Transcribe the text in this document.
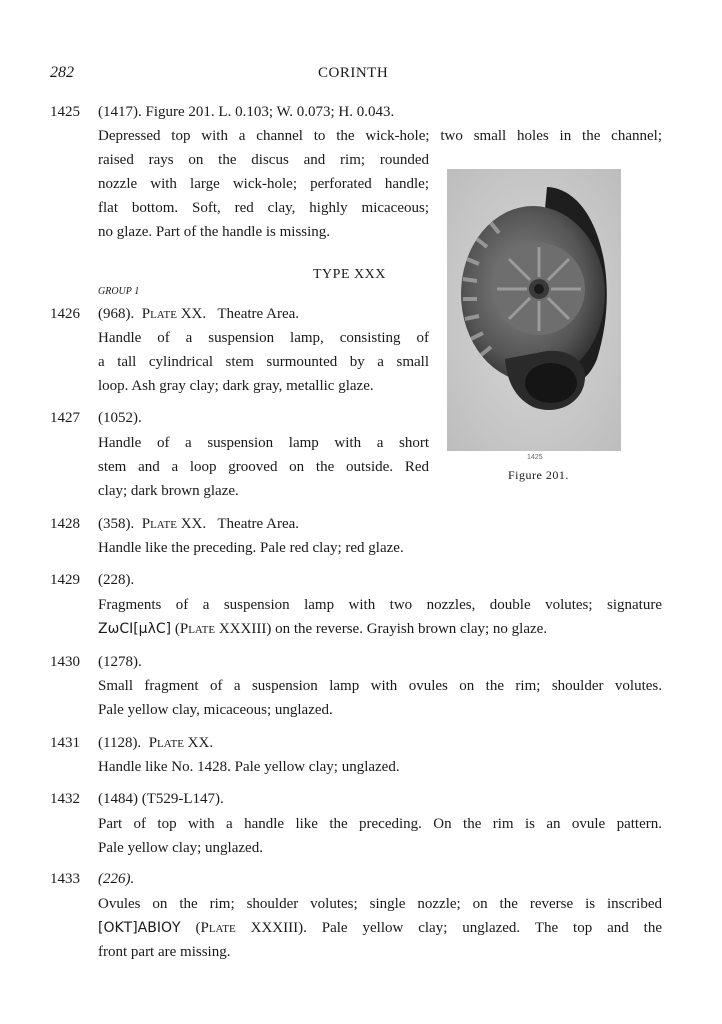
282	CORINTH
1425
Figure 201.
1425 (1417). Figure 201. L. 0.103; W. 0.073; H. 0.043.
Depressed top with a channel to the wick-hole; two small holes in the channel;
raised rays on the discus and rim; rounded
nozzle with large wick-hole; perforated handle;
flat bottom. Soft, red clay, highly micaceous;
no glaze. Part of the handle is missing.
TYPE XXX
GROUP 1
1426 (968). Plate XX. Theatre Area.
Handle of a suspension lamp, consisting of
a tall cylindrical stem surmounted by a small
loop. Ash gray clay; dark gray, metallic glaze.
1427 (1052).
Handle of a suspension lamp with a short
stem and a loop grooved on the outside. Red
clay; dark brown glaze.
1428 (358). Plate XX. Theatre Area.
Handle like the preceding. Pale red clay; red glaze.
1429 (228).
Fragments of a suspension lamp with two nozzles, double volutes; signature
ΖωCΙ[μλC] (Plate XXXIII) on the reverse. Grayish brown clay; no glaze.
1430 (1278).
Small fragment of a suspension lamp with ovules on the rim; shoulder volutes.
Pale yellow clay, micaceous; unglazed.
1431 (1128). Plate XX.
Handle like No. 1428. Pale yellow clay; unglazed.
1432 (1484) (T529-L147).
Part of top with a handle like the preceding. On the rim is an ovule pattern.
Pale yellow clay; unglazed.
1433 (226).
Ovules on the rim; shoulder volutes; single nozzle; on the reverse is inscribed
[ΟΚΤ]ΑΒΙΟΥ (Plate XXXIII). Pale yellow clay; unglazed. The top and the
front part are missing.
